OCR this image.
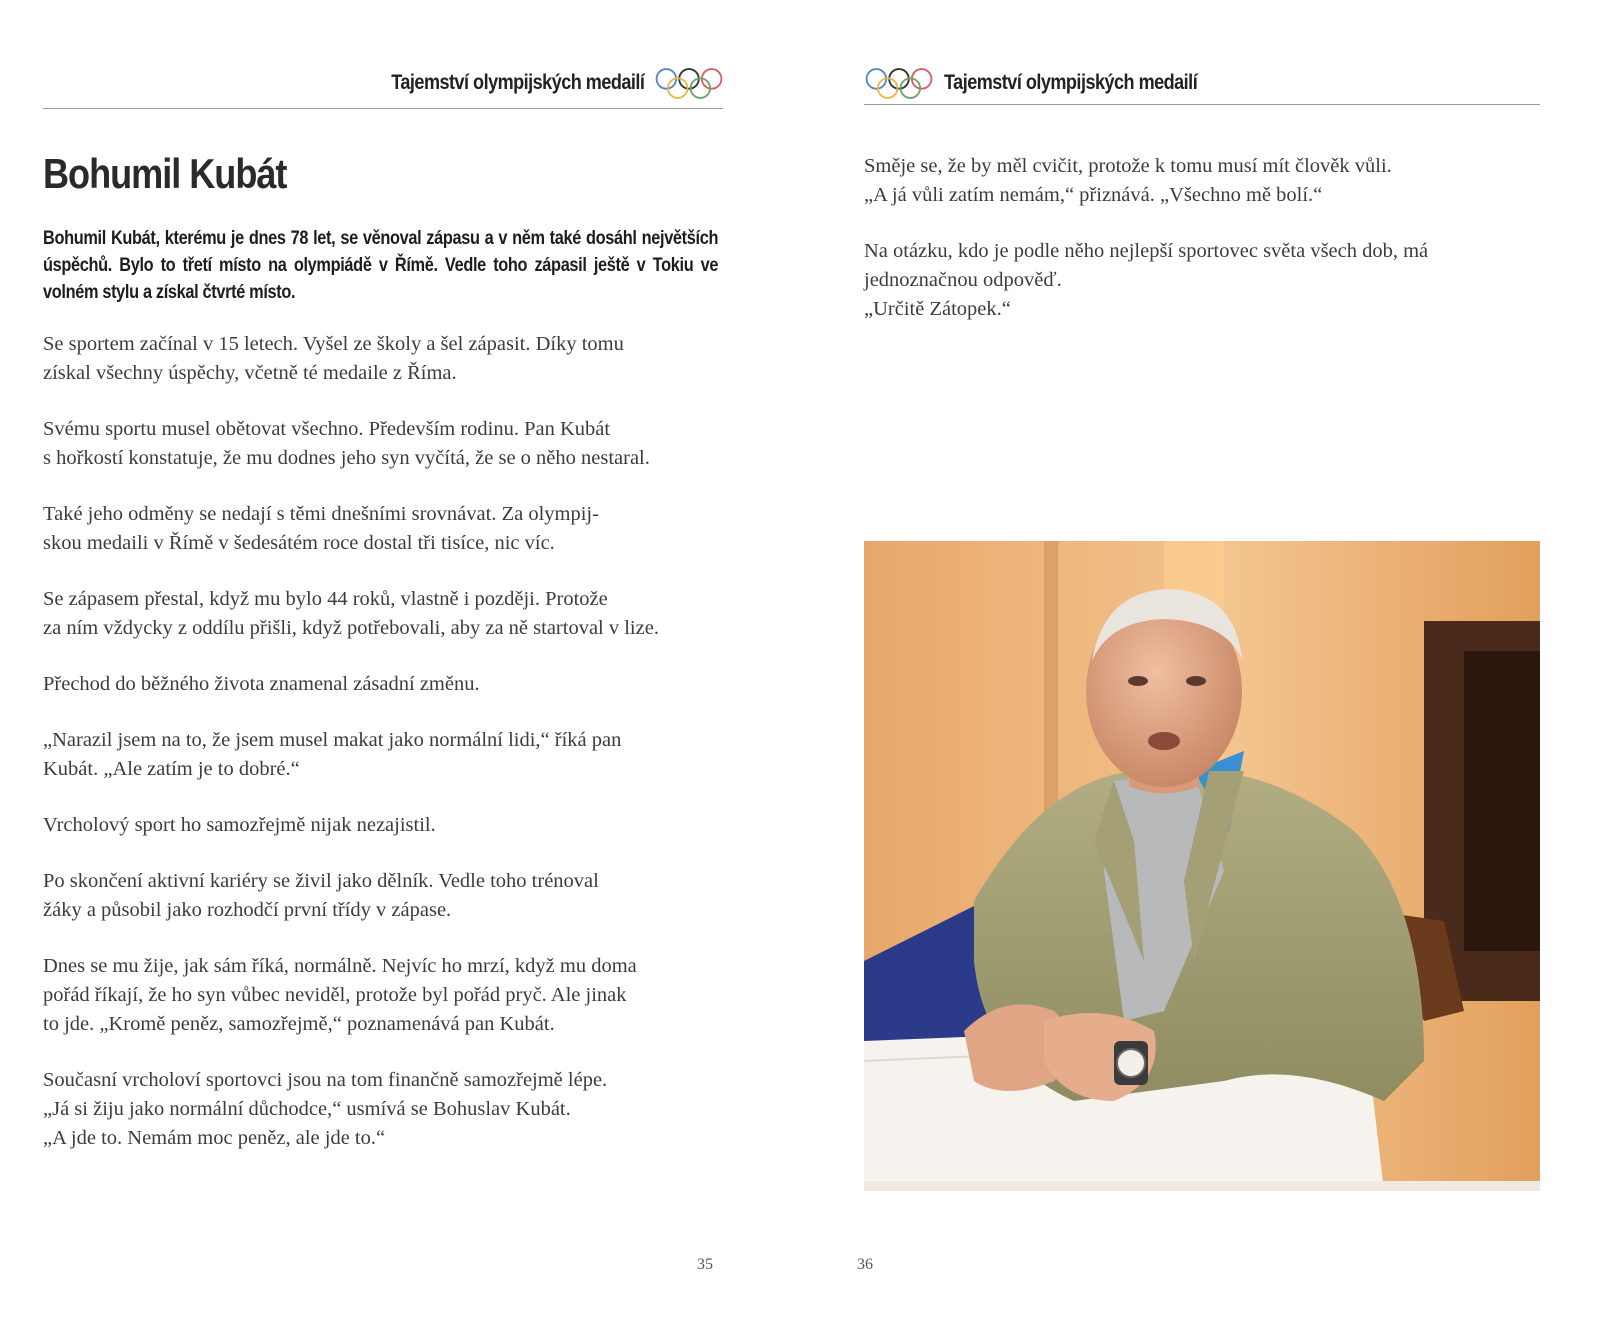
Tajemství olympijských medailí
Bohumil Kubát

Bohumil Kubát, kterému je dnes 78 let, se věnoval zápasu a v něm také dosáhl největších úspěchů. Bylo to třetí místo na olympiádě v Římě. Vedle toho zápasil ještě v Tokiu ve volném stylu a získal čtvrté místo.

Se sportem začínal v 15 letech. Vyšel ze školy a šel zápasit. Díky tomu
získal všechny úspěchy, včetně té medaile z Říma.

Svému sportu musel obětovat všechno. Především rodinu. Pan Kubát
s hořkostí konstatuje, že mu dodnes jeho syn vyčítá, že se o něho nestaral.

Také jeho odměny se nedají s těmi dnešními srovnávat. Za olympij-
skou medaili v Římě v šedesátém roce dostal tři tisíce, nic víc.

Se zápasem přestal, když mu bylo 44 roků, vlastně i později. Protože
za ním vždycky z oddílu přišli, když potřebovali, aby za ně startoval v lize.

Přechod do běžného života znamenal zásadní změnu.

„Narazil jsem na to, že jsem musel makat jako normální lidi,“ říká pan
Kubát. „Ale zatím je to dobré.“

Vrcholový sport ho samozřejmě nijak nezajistil.

Po skončení aktivní kariéry se živil jako dělník. Vedle toho trénoval
žáky a působil jako rozhodčí první třídy v zápase.

Dnes se mu žije, jak sám říká, normálně. Nejvíc ho mrzí, když mu doma
pořád říkají, že ho syn vůbec neviděl, protože byl pořád pryč. Ale jinak
to jde. „Kromě peněz, samozřejmě,“ poznamenává pan Kubát.

Současní vrcholoví sportovci jsou na tom finančně samozřejmě lépe.
„Já si žiju jako normální důchodce,“ usmívá se Bohuslav Kubát.
„A jde to. Nemám moc peněz, ale jde to.“

35
Tajemství olympijských medailí

Směje se, že by měl cvičit, protože k tomu musí mít člověk vůli.
„A já vůli zatím nemám,“ přiznává. „Všechno mě bolí.“

Na otázku, kdo je podle něho nejlepší sportovec světa všech dob, má
jednoznačnou odpověď.
„Určitě Zátopek.“

36
